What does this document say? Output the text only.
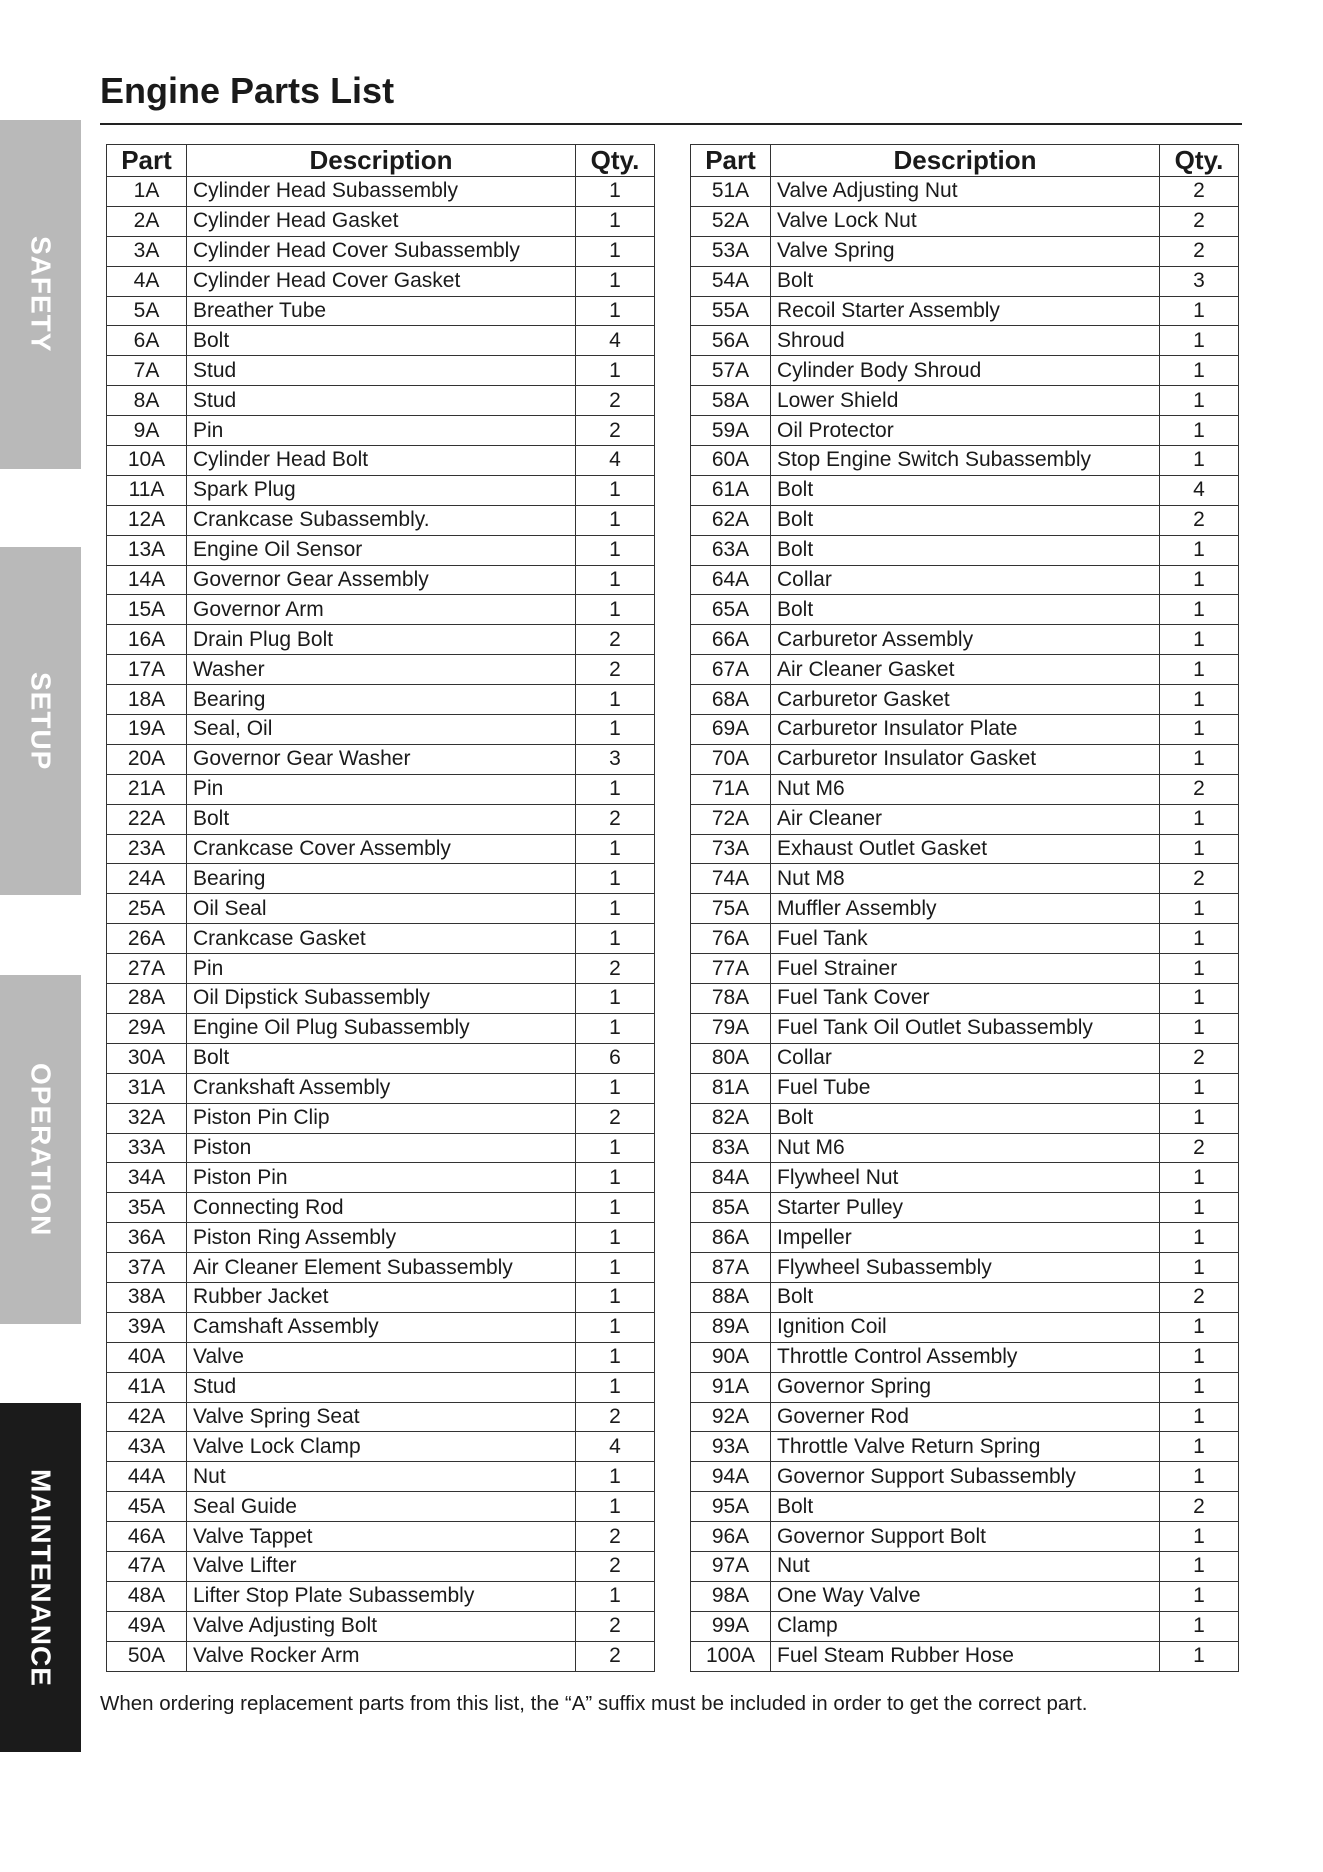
SAFETY
SETUP
OPERATION
MAINTENANCE
Engine Parts List
Part	Description	Qty.
1A	Cylinder Head Subassembly	1
2A	Cylinder Head Gasket	1
3A	Cylinder Head Cover Subassembly	1
4A	Cylinder Head Cover Gasket	1
5A	Breather Tube	1
6A	Bolt	4
7A	Stud	1
8A	Stud	2
9A	Pin	2
10A	Cylinder Head Bolt	4
11A	Spark Plug	1
12A	Crankcase Subassembly.	1
13A	Engine Oil Sensor	1
14A	Governor Gear Assembly	1
15A	Governor Arm	1
16A	Drain Plug Bolt	2
17A	Washer	2
18A	Bearing	1
19A	Seal, Oil	1
20A	Governor Gear Washer	3
21A	Pin	1
22A	Bolt	2
23A	Crankcase Cover Assembly	1
24A	Bearing	1
25A	Oil Seal	1
26A	Crankcase Gasket	1
27A	Pin	2
28A	Oil Dipstick Subassembly	1
29A	Engine Oil Plug Subassembly	1
30A	Bolt	6
31A	Crankshaft Assembly	1
32A	Piston Pin Clip	2
33A	Piston	1
34A	Piston Pin	1
35A	Connecting Rod	1
36A	Piston Ring Assembly	1
37A	Air Cleaner Element Subassembly	1
38A	Rubber Jacket	1
39A	Camshaft Assembly	1
40A	Valve	1
41A	Stud	1
42A	Valve Spring Seat	2
43A	Valve Lock Clamp	4
44A	Nut	1
45A	Seal Guide	1
46A	Valve Tappet	2
47A	Valve Lifter	2
48A	Lifter Stop Plate Subassembly	1
49A	Valve Adjusting Bolt	2
50A	Valve Rocker Arm	2
Part	Description	Qty.
51A	Valve Adjusting Nut	2
52A	Valve Lock Nut	2
53A	Valve Spring	2
54A	Bolt	3
55A	Recoil Starter Assembly	1
56A	Shroud	1
57A	Cylinder Body Shroud	1
58A	Lower Shield	1
59A	Oil Protector	1
60A	Stop Engine Switch Subassembly	1
61A	Bolt	4
62A	Bolt	2
63A	Bolt	1
64A	Collar	1
65A	Bolt	1
66A	Carburetor Assembly	1
67A	Air Cleaner Gasket	1
68A	Carburetor Gasket	1
69A	Carburetor Insulator Plate	1
70A	Carburetor Insulator Gasket	1
71A	Nut M6	2
72A	Air Cleaner	1
73A	Exhaust Outlet Gasket	1
74A	Nut M8	2
75A	Muffler Assembly	1
76A	Fuel Tank	1
77A	Fuel Strainer	1
78A	Fuel Tank Cover	1
79A	Fuel Tank Oil Outlet Subassembly	1
80A	Collar	2
81A	Fuel Tube	1
82A	Bolt	1
83A	Nut M6	2
84A	Flywheel Nut	1
85A	Starter Pulley	1
86A	Impeller	1
87A	Flywheel Subassembly	1
88A	Bolt	2
89A	Ignition Coil	1
90A	Throttle Control Assembly	1
91A	Governor Spring	1
92A	Governer Rod	1
93A	Throttle Valve Return Spring	1
94A	Governor Support Subassembly	1
95A	Bolt	2
96A	Governor Support Bolt	1
97A	Nut	1
98A	One Way Valve	1
99A	Clamp	1
100A	Fuel Steam Rubber Hose	1
When ordering replacement parts from this list, the “A” suffix must be included in order to get the correct part.
